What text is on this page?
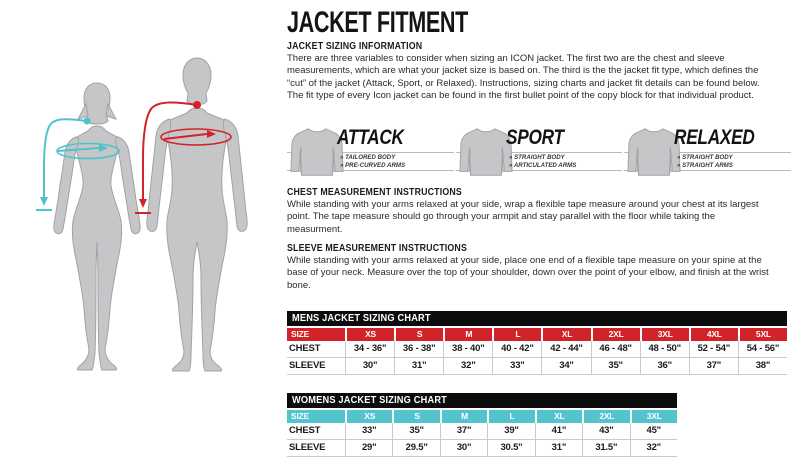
JACKET FITMENT
JACKET SIZING INFORMATION

There are three variables to consider when sizing an ICON jacket. The first two are the chest and sleeve measurements, which are what your jacket size is based on. The third is the the jacket fit type, which defines the “cut” of the jacket (Attack, Sport, or Relaxed). Instructions, sizing charts and jacket fit details can be found below. The fit type of every Icon jacket can be found in the first bullet point of the copy block for that individual product.

ATTACK
» TAILORED BODY
» PRE-CURVED ARMS
SPORT
» STRAIGHT BODY
» ARTICULATED ARMS
RELAXED
» STRAIGHT BODY
» STRAIGHT ARMS
CHEST MEASUREMENT INSTRUCTIONS

While standing with your arms relaxed at your side, wrap a flexible tape measure around your chest at its largest point. The tape measure should go through your armpit and stay parallel with the floor while taking the measurment.

SLEEVE MEASUREMENT INSTRUCTIONS

While standing with your arms relaxed at your side, place one end of a flexible tape measure on your spine at the base of your neck. Measure over the top of your shoulder, down over the point of your elbow, and finish at the wrist bone.

MENS JACKET SIZING CHART
SIZE	XS	S	M	L	XL	2XL	3XL	4XL	5XL
CHEST	34 - 36"	36 - 38"	38 - 40"	40 - 42"	42 - 44"	46 - 48"	48 - 50"	52 - 54"	54 - 56"
SLEEVE	30"	31"	32"	33"	34"	35"	36"	37"	38"
WOMENS JACKET SIZING CHART
SIZE	XS	S	M	L	XL	2XL	3XL
CHEST	33"	35"	37"	39"	41"	43"	45"
SLEEVE	29"	29.5"	30"	30.5"	31"	31.5"	32"
